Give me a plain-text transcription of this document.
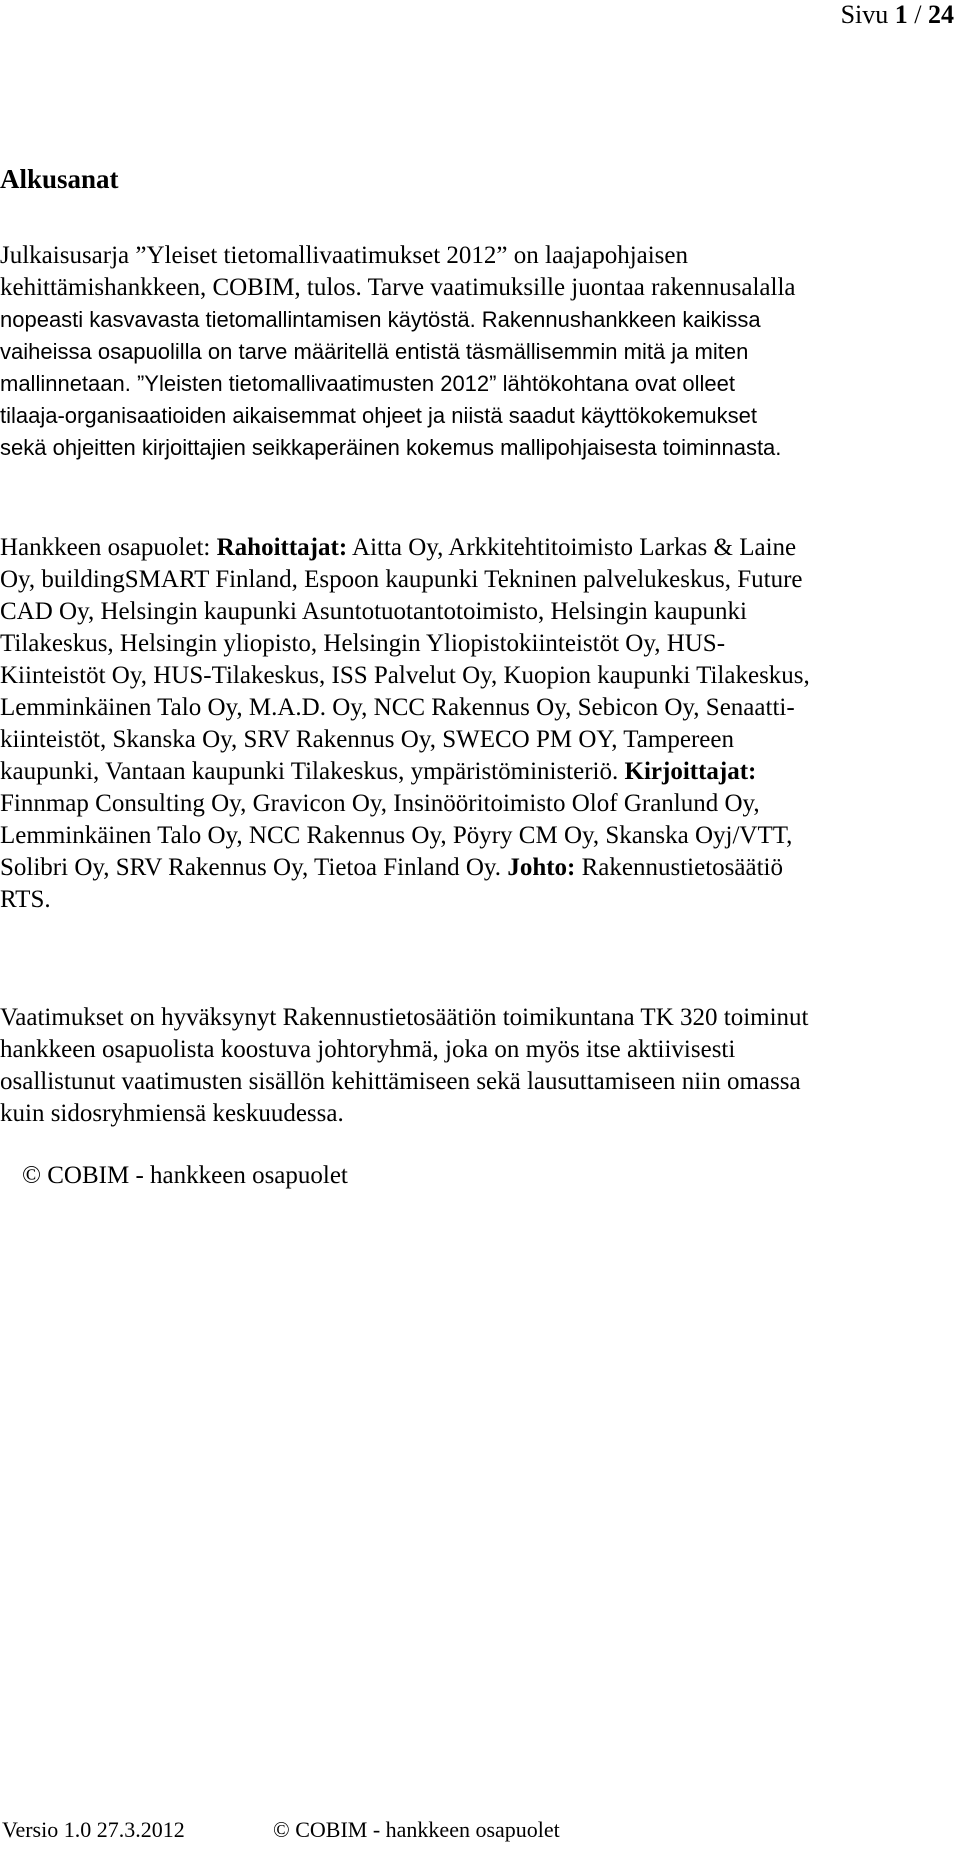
Sivu 1 / 24
Alkusanat
Julkaisusarja ”Yleiset tietomallivaatimukset 2012” on laajapohjaisen
kehittämishankkeen, COBIM, tulos. Tarve vaatimuksille juontaa rakennusalalla
nopeasti kasvavasta tietomallintamisen käytöstä. Rakennushankkeen kaikissa
vaiheissa osapuolilla on tarve määritellä entistä täsmällisemmin mitä ja miten
mallinnetaan. ”Yleisten tietomallivaatimusten 2012” lähtökohtana ovat olleet
tilaaja-organisaatioiden aikaisemmat ohjeet ja niistä saadut käyttökokemukset
sekä ohjeitten kirjoittajien seikkaperäinen kokemus mallipohjaisesta toiminnasta.
Hankkeen osapuolet: Rahoittajat: Aitta Oy, Arkkitehtitoimisto Larkas & Laine
Oy, buildingSMART Finland, Espoon kaupunki Tekninen palvelukeskus, Future
CAD Oy, Helsingin kaupunki Asuntotuotantotoimisto, Helsingin kaupunki
Tilakeskus, Helsingin yliopisto, Helsingin Yliopistokiinteistöt Oy, HUS-
Kiinteistöt Oy, HUS-Tilakeskus, ISS Palvelut Oy, Kuopion kaupunki Tilakeskus,
Lemminkäinen Talo Oy, M.A.D. Oy, NCC Rakennus Oy, Sebicon Oy, Senaatti-
kiinteistöt, Skanska Oy, SRV Rakennus Oy, SWECO PM OY, Tampereen
kaupunki, Vantaan kaupunki Tilakeskus, ympäristöministeriö. Kirjoittajat:
Finnmap Consulting Oy, Gravicon Oy, Insinööritoimisto Olof Granlund Oy,
Lemminkäinen Talo Oy, NCC Rakennus Oy, Pöyry CM Oy, Skanska Oyj/VTT,
Solibri Oy, SRV Rakennus Oy, Tietoa Finland Oy. Johto: Rakennustietosäätiö
RTS.
Vaatimukset on hyväksynyt Rakennustietosäätiön toimikuntana TK 320 toiminut
hankkeen osapuolista koostuva johtoryhmä, joka on myös itse aktiivisesti
osallistunut vaatimusten sisällön kehittämiseen sekä lausuttamiseen niin omassa
kuin sidosryhmiensä keskuudessa.
© COBIM - hankkeen osapuolet
Versio 1.0 27.3.2012	© COBIM - hankkeen osapuolet
